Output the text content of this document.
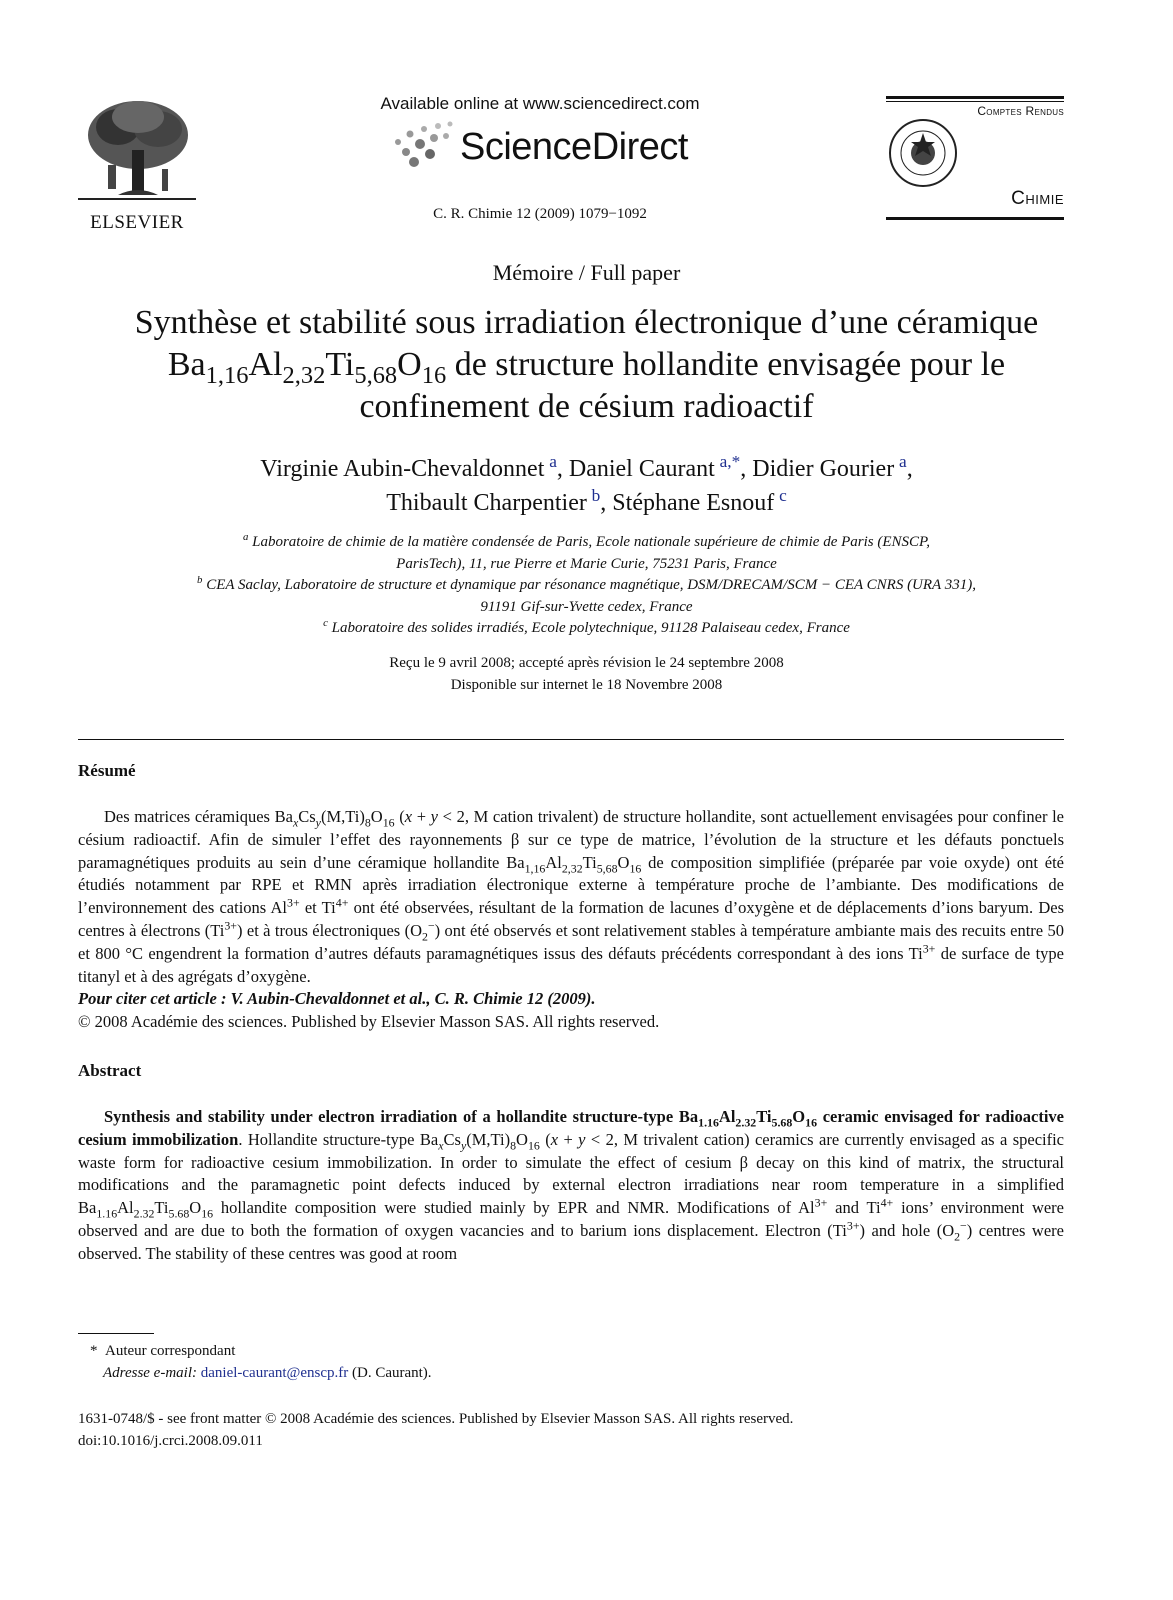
ELSEVIER
Available online at www.sciencedirect.com
ScienceDirect
C. R. Chimie 12 (2009) 1079−1092
Comptes Rendus
Chimie
Mémoire / Full paper
Synthèse et stabilité sous irradiation électronique d’une céramique
$Ba_{1,16}Al_{2,32}Ti_{5,68}O_{16}$ de structure hollandite envisagée pour le
confinement de césium radioactif
Virginie Aubin-Chevaldonnet  $^a$, Daniel Caurant  $^{a,*}$, Didier Gourier  $^a$,
Thibault Charpentier  $^b$, Stéphane Esnouf  $^c$
$^a$ Laboratoire de chimie de la matière condensée de Paris, Ecole nationale supérieure de chimie de Paris (ENSCP,
ParisTech), 11, rue Pierre et Marie Curie, 75231 Paris, France
$^b$ CEA Saclay, Laboratoire de structure et dynamique par résonance magnétique, DSM/DRECAM/SCM − CEA CNRS (URA 331),
91191 Gif-sur-Yvette cedex, France
$^c$ Laboratoire des solides irradiés, Ecole polytechnique, 91128 Palaiseau cedex, France
Reçu le 9 avril 2008; accepté après révision le 24 septembre 2008
Disponible sur internet le 18 Novembre 2008
Résumé
Des matrices céramiques $Ba_xCs_y(M,Ti)_8O_{16}$ (x + y < 2, M cation trivalent) de structure hollandite, sont actuellement envisagées pour confiner le césium radioactif. Afin de simuler l’effet des rayonnements β sur ce type de matrice, l’évolution de la structure et les défauts ponctuels paramagnétiques produits au sein d’une céramique hollandite $Ba_{1,16}Al_{2,32}Ti_{5,68}O_{16}$ de composition simplifiée (préparée par voie oxyde) ont été étudiés notamment par RPE et RMN après irradiation électronique externe à température proche de l’ambiante. Des modifications de l’environnement des cations $Al^{3+}$ et $Ti^{4+}$ ont été observées, résultant de la formation de lacunes d’oxygène et de déplacements d’ions baryum. Des centres à électrons $(Ti^{3+})$ et à trous électroniques $(O_2^-)$ ont été observés et sont relativement stables à température ambiante mais des recuits entre 50 et 800 °C engendrent la formation d’autres défauts paramagnétiques issus des défauts précédents correspondant à des ions $Ti^{3+}$ de surface de type titanyl et à des agrégats d’oxygène.
Pour citer cet article : V. Aubin-Chevaldonnet et al., C. R. Chimie 12 (2009).
© 2008 Académie des sciences. Published by Elsevier Masson SAS. All rights reserved.
Abstract
Synthesis and stability under electron irradiation of a hollandite structure-type $Ba_{1.16}Al_{2.32}Ti_{5.68}O_{16}$ ceramic envisaged for radioactive cesium immobilization. Hollandite structure-type $Ba_xCs_y(M,Ti)_8O_{16}$ (x + y < 2, M trivalent cation) ceramics are currently envisaged as a specific waste form for radioactive cesium immobilization. In order to simulate the effect of cesium β decay on this kind of matrix, the structural modifications and the paramagnetic point defects induced by external electron irradiations near room temperature in a simplified $Ba_{1.16}Al_{2.32}Ti_{5.68}O_{16}$ hollandite composition were studied mainly by EPR and NMR. Modifications of $Al^{3+}$ and $Ti^{4+}$ ions’ environment were observed and are due to both the formation of oxygen vacancies and to barium ions displacement. Electron $(Ti^{3+})$ and hole $(O_2^-)$ centres were observed. The stability of these centres was good at room
* Auteur correspondant
Adresse e-mail: daniel-caurant@enscp.fr (D. Caurant).
1631-0748/$ - see front matter © 2008 Académie des sciences. Published by Elsevier Masson SAS. All rights reserved.
doi:10.1016/j.crci.2008.09.011
